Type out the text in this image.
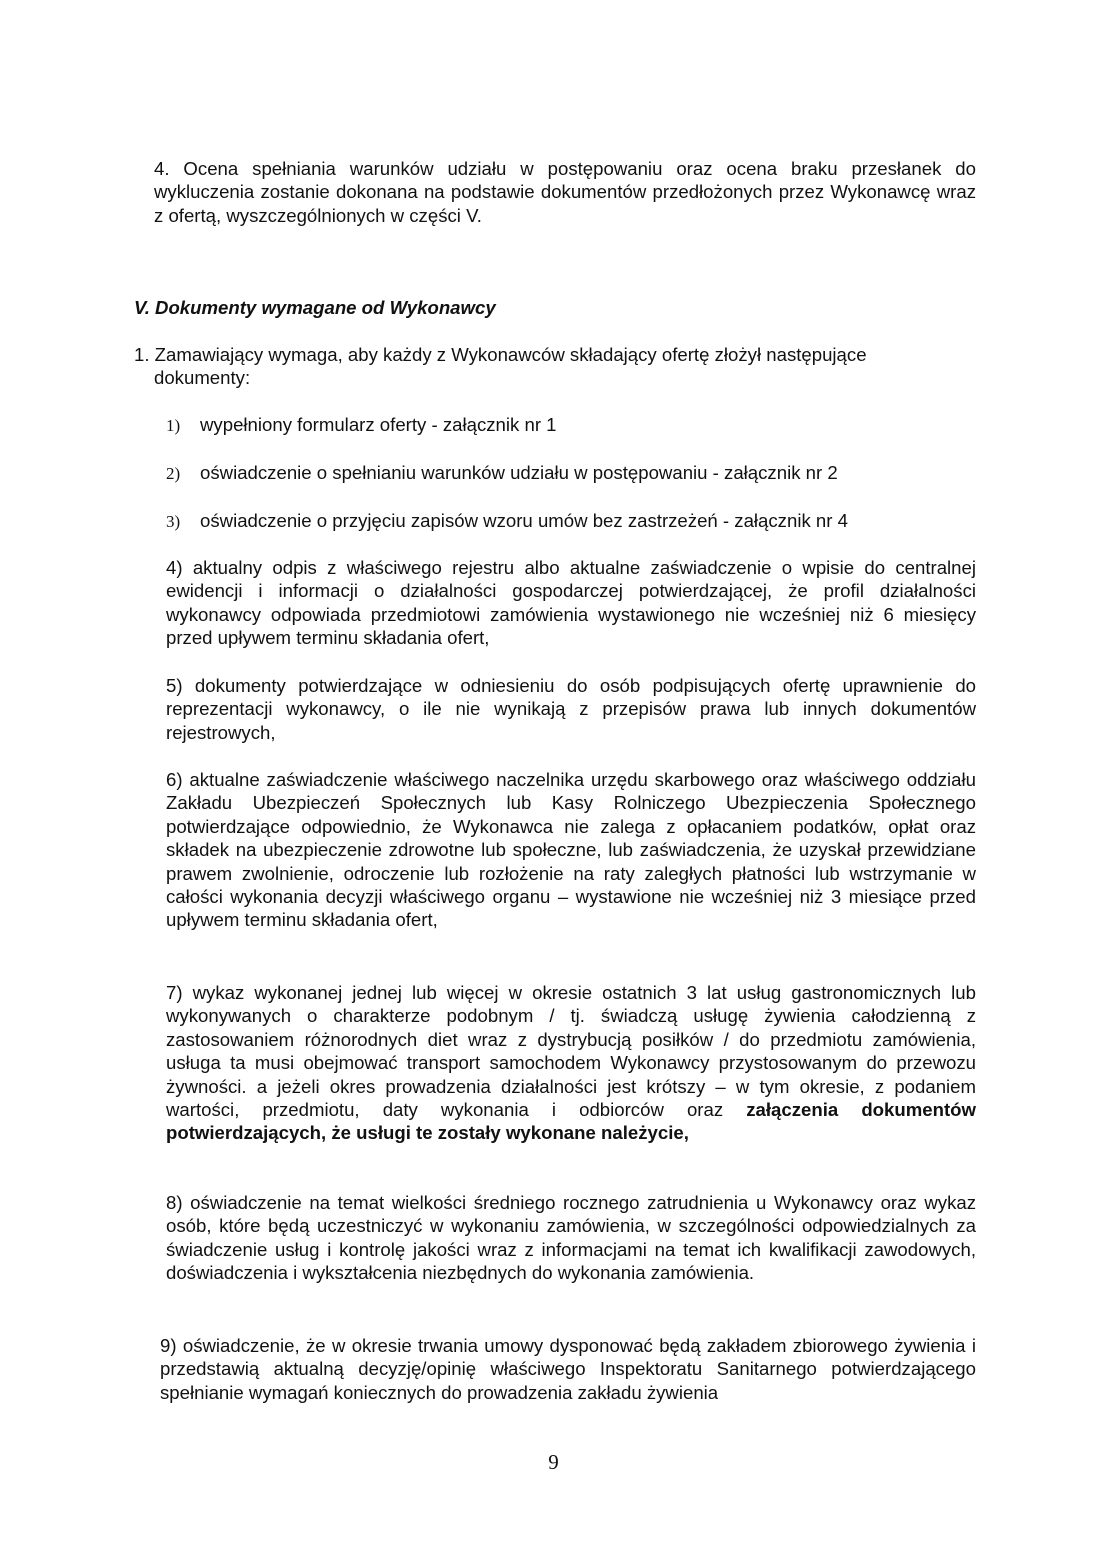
4. Ocena spełniania warunków udziału w postępowaniu oraz ocena braku przesłanek do wykluczenia zostanie dokonana na podstawie dokumentów przedłożonych przez Wykonawcę wraz z ofertą, wyszczególnionych w części V.

V. Dokumenty wymagane od Wykonawcy

1. Zamawiający wymaga, aby każdy z Wykonawców składający ofertę złożył następujące dokumenty:

1) wypełniony formularz oferty - załącznik nr 1
2) oświadczenie o spełnianiu warunków udziału w postępowaniu - załącznik nr 2
3) oświadczenie o przyjęciu zapisów wzoru umów bez zastrzeżeń - załącznik nr 4

4) aktualny odpis z właściwego rejestru albo aktualne zaświadczenie o wpisie do centralnej ewidencji i informacji o działalności gospodarczej potwierdzającej, że profil działalności wykonawcy odpowiada przedmiotowi zamówienia wystawionego nie wcześniej niż 6 miesięcy przed upływem terminu składania ofert,

5) dokumenty potwierdzające w odniesieniu do osób podpisujących ofertę uprawnienie do reprezentacji wykonawcy, o ile nie wynikają z przepisów prawa lub innych dokumentów rejestrowych,

6) aktualne zaświadczenie właściwego naczelnika urzędu skarbowego oraz właściwego oddziału Zakładu Ubezpieczeń Społecznych lub Kasy Rolniczego Ubezpieczenia Społecznego potwierdzające odpowiednio, że Wykonawca nie zalega z opłacaniem podatków, opłat oraz składek na ubezpieczenie zdrowotne lub społeczne, lub zaświadczenia, że uzyskał przewidziane prawem zwolnienie, odroczenie lub rozłożenie na raty zaległych płatności lub wstrzymanie w całości wykonania decyzji właściwego organu – wystawione nie wcześniej niż 3 miesiące przed upływem terminu składania ofert,

7) wykaz wykonanej jednej lub więcej w okresie ostatnich 3 lat usług gastronomicznych lub wykonywanych o charakterze podobnym / tj. świadczą usługę żywienia całodzienną z zastosowaniem różnorodnych diet wraz z dystrybucją posiłków / do przedmiotu zamówienia, usługa ta musi obejmować transport samochodem Wykonawcy przystosowanym do przewozu żywności. a jeżeli okres prowadzenia działalności jest krótszy – w tym okresie, z podaniem wartości, przedmiotu, daty wykonania i odbiorców oraz załączenia dokumentów potwierdzających, że usługi te zostały wykonane należycie,

8) oświadczenie na temat wielkości średniego rocznego zatrudnienia u Wykonawcy oraz wykaz osób, które będą uczestniczyć w wykonaniu zamówienia, w szczególności odpowiedzialnych za świadczenie usług i kontrolę jakości wraz z informacjami na temat ich kwalifikacji zawodowych, doświadczenia i wykształcenia niezbędnych do wykonania zamówienia.

9) oświadczenie, że w okresie trwania umowy dysponować będą zakładem zbiorowego żywienia i przedstawią aktualną decyzję/opinię właściwego Inspektoratu Sanitarnego potwierdzającego spełnianie wymagań koniecznych do prowadzenia zakładu żywienia

9
